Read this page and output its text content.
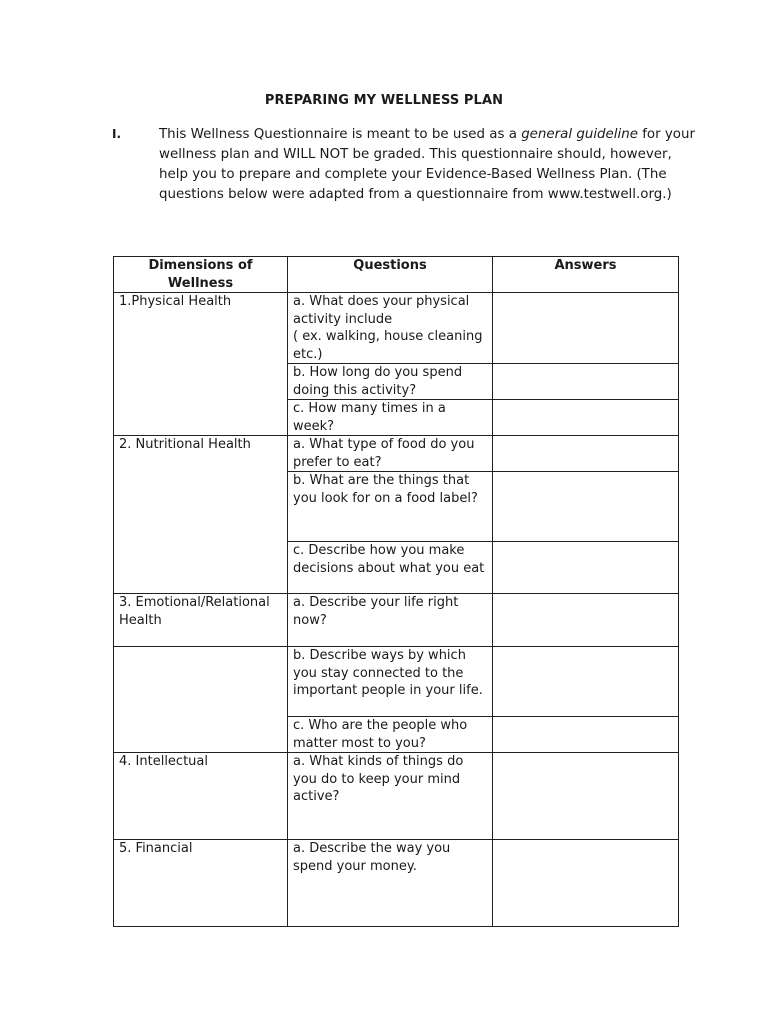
PREPARING MY WELLNESS PLAN
I.	This Wellness Questionnaire is meant to be used as a general guideline for your wellness plan and WILL NOT be graded. This questionnaire should, however, help you to prepare and complete your Evidence-Based Wellness Plan. (The questions below were adapted from a questionnaire from www.testwell.org.)
Dimensions of Wellness	Questions	Answers
1.Physical Health	a. What does your physical activity include
( ex. walking, house cleaning etc.)	
	b. How long do you spend doing this activity?	
	c. How many times in a week?	
2. Nutritional Health	a. What type of food do you prefer to eat?	
	b. What are the things that you look for on a food label?	
	c. Describe how you make decisions about what you eat	
3. Emotional/Relational Health	a. Describe your life right now?	
	b. Describe ways by which you stay connected to the important people in your life.	
	c. Who are the people who matter most to you?	
4. Intellectual	a. What kinds of things do you do to keep your mind active?	
5. Financial	a. Describe the way you spend your money.	
